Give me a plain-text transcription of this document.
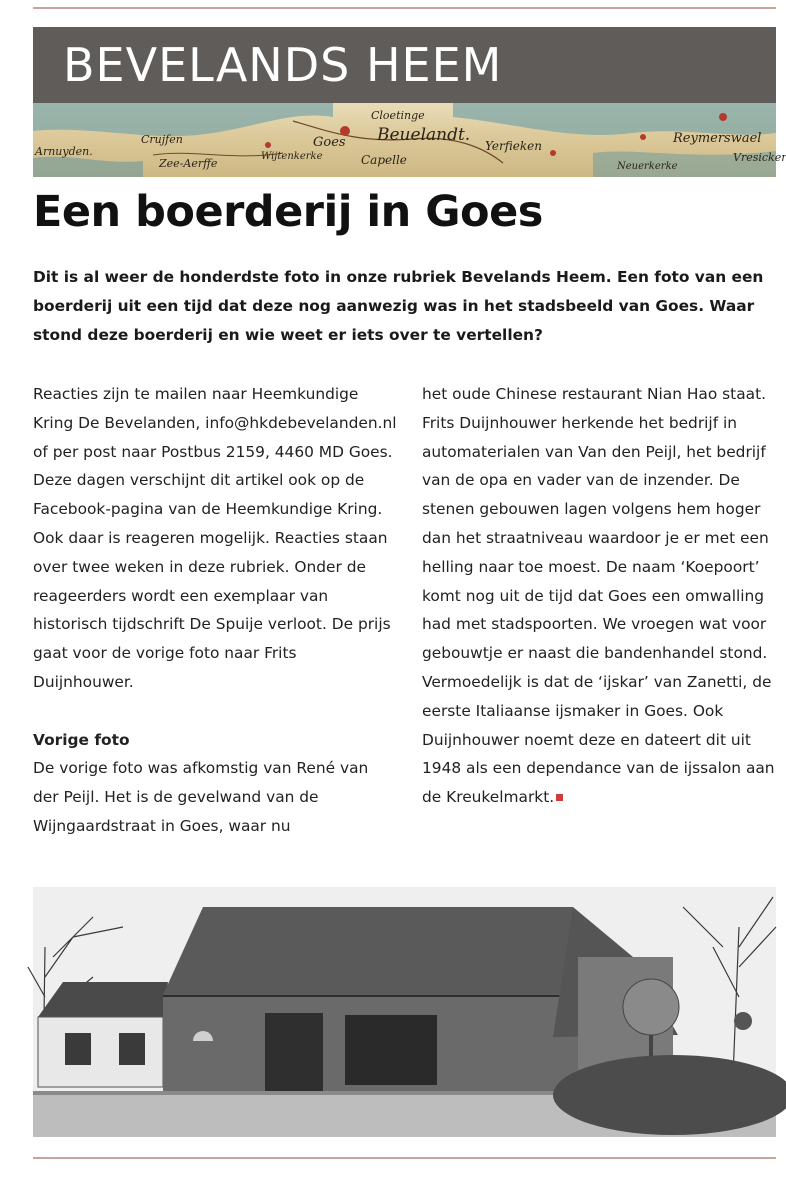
BEVELANDS HEEM
Arnuyden.
Crujfen
Zee-Aerffe
Wijtenkerke
Goes
Cloetinge
Beuelandt.
Capelle
Yerfieken
Neuerkerke
Reymerswael
Vresicker
Een boerderij in Goes

Dit is al weer de honderdste foto in onze rubriek Bevelands Heem. Een foto van een boerderij uit een tijd dat deze nog aanwezig was in het stadsbeeld van Goes. Waar stond deze boerderij en wie weet er iets over te vertellen?

Reacties zijn te mailen naar Heemkundige Kring De Bevelanden, info@hkdebevelanden.nl of per post naar Postbus 2159, 4460 MD Goes. Deze dagen verschijnt dit artikel ook op de Facebook-pagina van de Heemkundige Kring. Ook daar is reageren mogelijk. Reacties staan over twee weken in deze rubriek. Onder de reageerders wordt een exemplaar van historisch tijdschrift De Spuije verloot. De prijs gaat voor de vorige foto naar Frits Duijnhouwer.

Vorige foto

De vorige foto was afkomstig van René van der Peijl. Het is de gevelwand van de Wijngaardstraat in Goes, waar nu

het oude Chinese restaurant Nian Hao staat. Frits Duijnhouwer herkende het bedrijf in automaterialen van Van den Peijl, het bedrijf van de opa en vader van de inzender. De stenen gebouwen lagen volgens hem hoger dan het straatniveau waardoor je er met een helling naar toe moest. De naam ‘Koepoort’ komt nog uit de tijd dat Goes een omwalling had met stadspoorten. We vroegen wat voor gebouwtje er naast die bandenhandel stond. Vermoedelijk is dat de ‘ijskar’ van Zanetti, de eerste Italiaanse ijsmaker in Goes. Ook Duijnhouwer noemt deze en dateert dit uit 1948 als een dependance van de ijssalon aan de Kreukelmarkt.
